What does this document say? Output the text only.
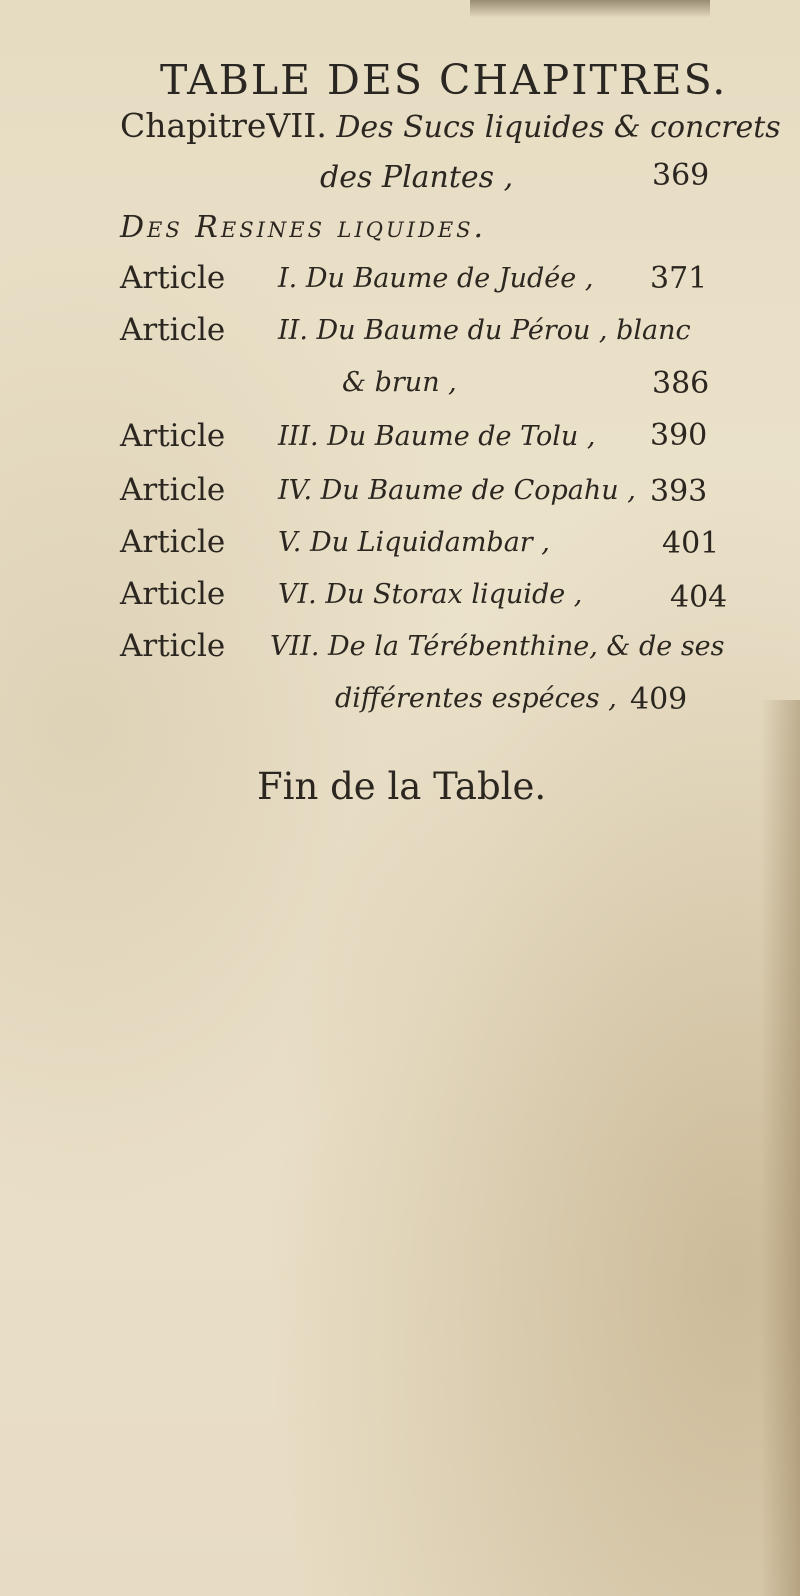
TABLE DES CHAPITRES.
ChapitreVII. Des Sucs liquides & concrets
des Plantes ,	369
Des Resines liquides.
Article I. Du Baume de Judée , 371
Article II. Du Baume du Pérou , blanc
& brun ,	386
Article III. Du Baume de Tolu , 390
Article IV. Du Baume de Copahu , 393
Article V. Du Liquidambar ,	401
Article VI. Du Storax liquide ,	404
Article VII. De la Térébenthine, & de ses
différentes espéces , 409
Fin de la Table.
